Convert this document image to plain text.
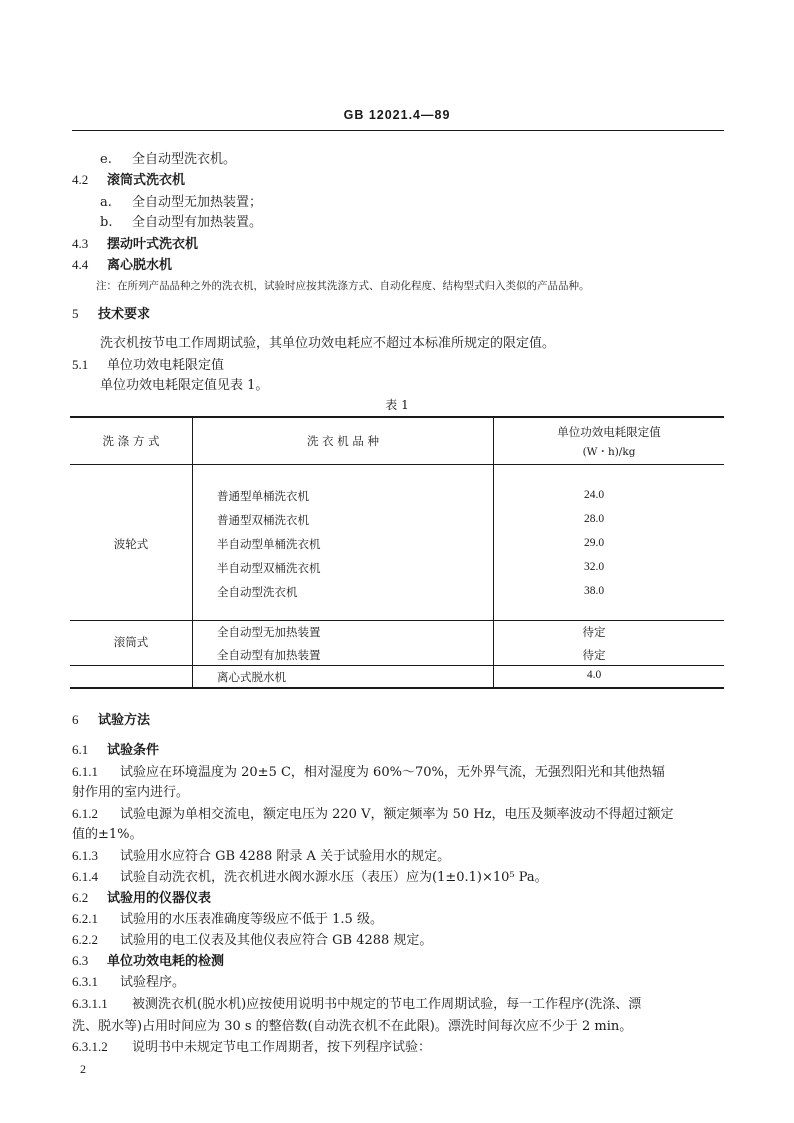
GB 12021.4—89
e. 全自动型洗衣机。
4.2 滚筒式洗衣机
a. 全自动型无加热装置；
b. 全自动型有加热装置。
4.3 摆动叶式洗衣机
4.4 离心脱水机
注：在所列产品品种之外的洗衣机，试验时应按其洗涤方式、自动化程度、结构型式归入类似的产品品种。
5 技术要求
洗衣机按节电工作周期试验，其单位功效电耗应不超过本标准所规定的限定值。
5.1 单位功效电耗限定值
单位功效电耗限定值见表 1。
表 1
洗 涤 方 式	洗 衣 机 品 种
单位功效电耗限定值
(W・h)/kg
波轮式
普通型单桶洗衣机	24.0
普通型双桶洗衣机	28.0
半自动型单桶洗衣机	29.0
半自动型双桶洗衣机	32.0
全自动型洗衣机	38.0
滚筒式
全自动型无加热装置	待定
全自动型有加热装置	待定
离心式脱水机	4.0
6 试验方法
6.1 试验条件
6.1.1 试验应在环境温度为 20±5 C，相对湿度为 60%～70%，无外界气流，无强烈阳光和其他热辐
射作用的室内进行。
6.1.2 试验电源为单相交流电，额定电压为 220 V，额定频率为 50 Hz，电压及频率波动不得超过额定
值的±1%。
6.1.3 试验用水应符合 GB 4288 附录 A 关于试验用水的规定。
6.1.4 试验自动洗衣机，洗衣机进水阀水源水压（表压）应为(1±0.1)×10⁵ Pa。
6.2 试验用的仪器仪表
6.2.1 试验用的水压表准确度等级应不低于 1.5 级。
6.2.2 试验用的电工仪表及其他仪表应符合 GB 4288 规定。
6.3 单位功效电耗的检测
6.3.1 试验程序。
6.3.1.1 被测洗衣机(脱水机)应按使用说明书中规定的节电工作周期试验，每一工作程序(洗涤、漂
洗、脱水等)占用时间应为 30 s 的整倍数(自动洗衣机不在此限)。漂洗时间每次应不少于 2 min。
6.3.1.2 说明书中未规定节电工作周期者，按下列程序试验：
2
